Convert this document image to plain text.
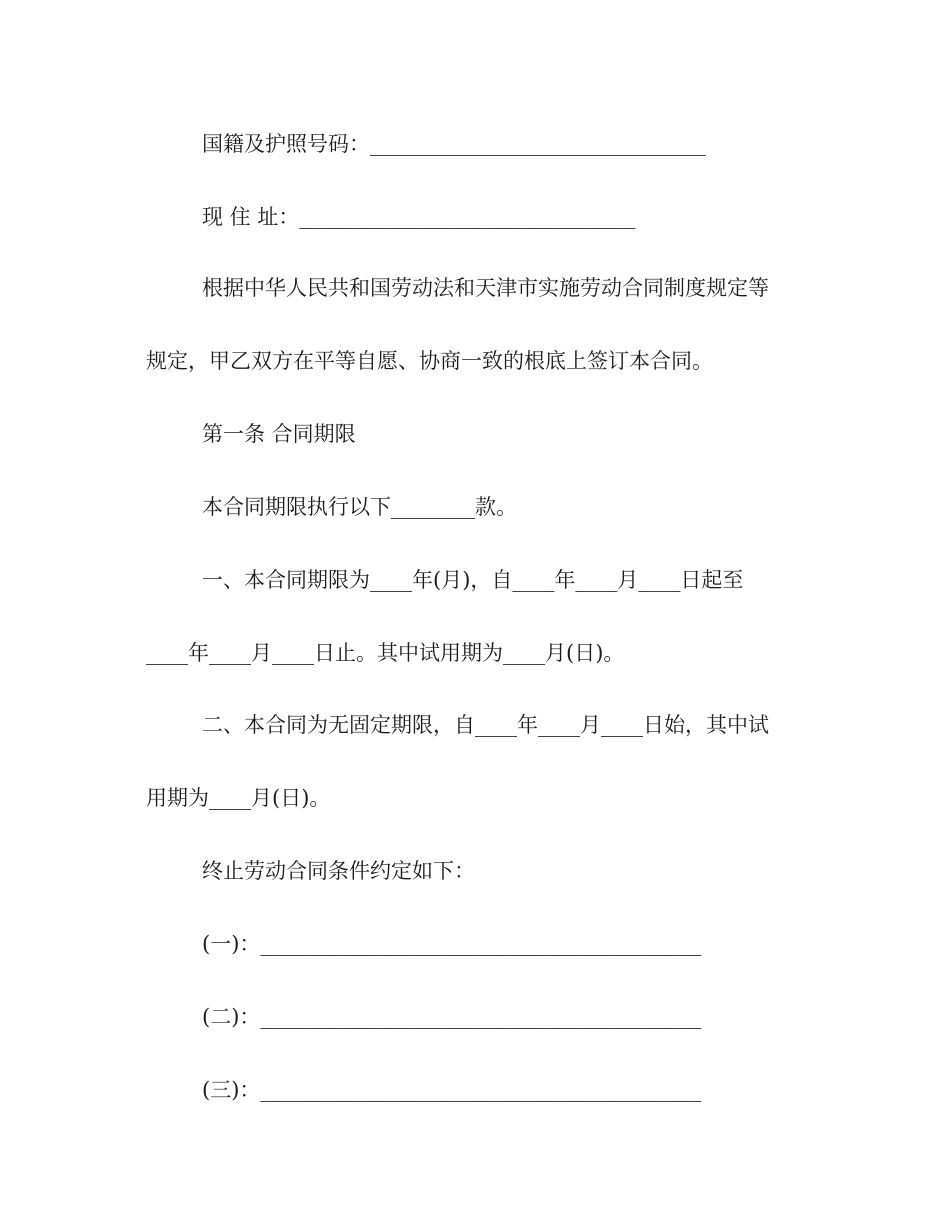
国籍及护照号码：________________________________
现 住 址：________________________________
根据中华人民共和国劳动法和天津市实施劳动合同制度规定等
规定，甲乙双方在平等自愿、协商一致的根底上签订本合同。
第一条 合同期限
本合同期限执行以下________款。
一、本合同期限为____年(月)，自____年____月____日起至
____年____月____日止。其中试用期为____月(日)。
二、本合同为无固定期限，自____年____月____日始，其中试
用期为____月(日)。
终止劳动合同条件约定如下：
(一)：__________________________________________
(二)：__________________________________________
(三)：__________________________________________
